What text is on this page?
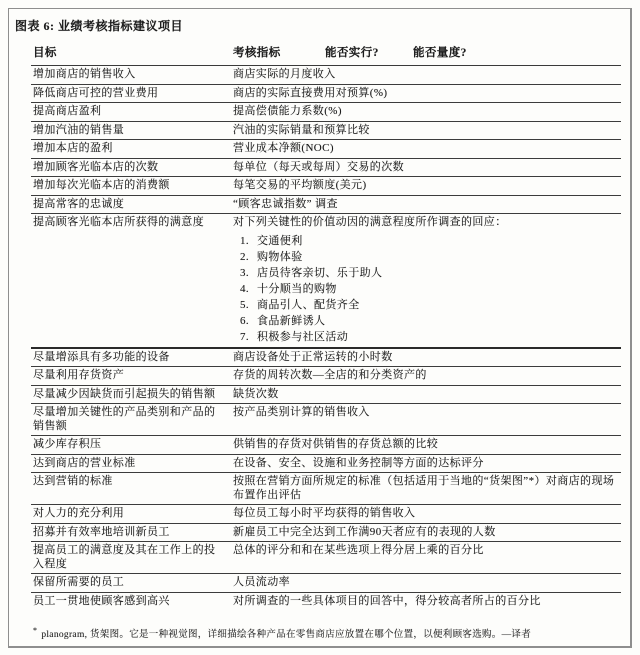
图表 6: 业绩考核指标建议项目
目标	考核指标	能否实行?	能否量度?
增加商店的销售收入	商店实际的月度收入		

降低商店可控的营业费用	商店的实际直接费用对预算(%)		

提高商店盈利	提高偿债能力系数(%)		

增加汽油的销售量	汽油的实际销量和预算比较		

增加本店的盈利	营业成本净额(NOC)		

增加顾客光临本店的次数	每单位（每天或每周）交易的次数		

增加每次光临本店的消费额	每笔交易的平均额度(美元)		

提高常客的忠诚度	“顾客忠诚指数” 调查		

提高顾客光临本店所获得的满意度	对下列关键性的价值动因的满意程度所作调查的回应：
1. 交通便利
2. 购物体验
3. 店员待客亲切、乐于助人
4. 十分顺当的购物
5. 商品引人、配货齐全
6. 食品新鲜诱人
7. 积极参与社区活动

尽量增添具有多功能的设备	商店设备处于正常运转的小时数		

尽量利用存货资产	存货的周转次数—全店的和分类资产的		

尽量减少因缺货而引起损失的销售额	缺货次数		

尽量增加关键性的产品类别和产品的销售额	按产品类别计算的销售收入		

减少库存积压	供销售的存货对供销售的存货总额的比较		

达到商店的营业标准	在设备、安全、设施和业务控制等方面的达标评分		

达到营销的标准	按照在营销方面所规定的标准（包括适用于当地的“货架图”*）对商店的现场布置作出评估		

对人力的充分利用	每位员工每小时平均获得的销售收入		

招募并有效率地培训新员工	新雇员工中完全达到工作满90天者应有的表现的人数		

提高员工的满意度及其在工作上的投入程度	总体的评分和和在某些选项上得分居上乘的百分比		

保留所需要的员工	人员流动率		

员工一贯地使顾客感到高兴	对所调查的一些具体项目的回答中，得分较高者所占的百分比		
* planogram, 货架图。它是一种视觉图，详细描绘各种产品在零售商店应放置在哪个位置，以便利顾客选购。—译者
